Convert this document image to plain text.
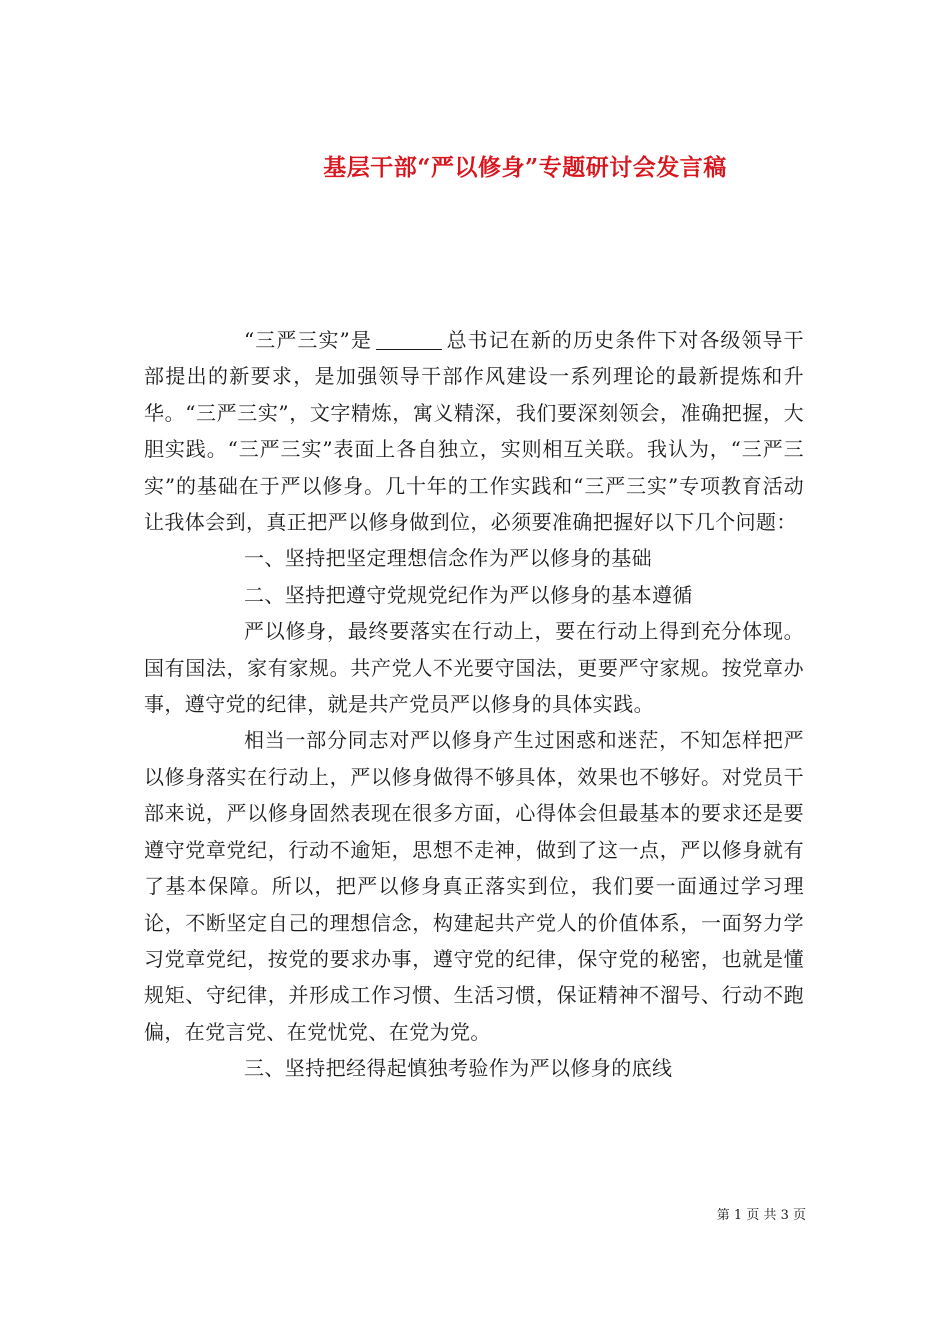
基层干部“严以修身”专题研讨会发言稿

“三严三实”是	总书记在新的历史条件下对各级领导干部提出的新要求，是加强领导干部作风建设一系列理论的最新提炼和升华。“三严三实”，文字精炼，寓义精深，我们要深刻领会，准确把握，大胆实践。“三严三实”表面上各自独立，实则相互关联。我认为，“三严三实”的基础在于严以修身。几十年的工作实践和“三严三实”专项教育活动让我体会到，真正把严以修身做到位，必须要准确把握好以下几个问题：

一、坚持把坚定理想信念作为严以修身的基础

二、坚持把遵守党规党纪作为严以修身的基本遵循

严以修身，最终要落实在行动上，要在行动上得到充分体现。国有国法，家有家规。共产党人不光要守国法，更要严守家规。按党章办事，遵守党的纪律，就是共产党员严以修身的具体实践。

相当一部分同志对严以修身产生过困惑和迷茫，不知怎样把严以修身落实在行动上，严以修身做得不够具体，效果也不够好。对党员干部来说，严以修身固然表现在很多方面，心得体会但最基本的要求还是要遵守党章党纪，行动不逾矩，思想不走神，做到了这一点，严以修身就有了基本保障。所以，把严以修身真正落实到位，我们要一面通过学习理论，不断坚定自己的理想信念，构建起共产党人的价值体系，一面努力学习党章党纪，按党的要求办事，遵守党的纪律，保守党的秘密，也就是懂规矩、守纪律，并形成工作习惯、生活习惯，保证精神不溜号、行动不跑偏，在党言党、在党忧党、在党为党。

三、坚持把经得起慎独考验作为严以修身的底线

第 1 页 共 3 页
